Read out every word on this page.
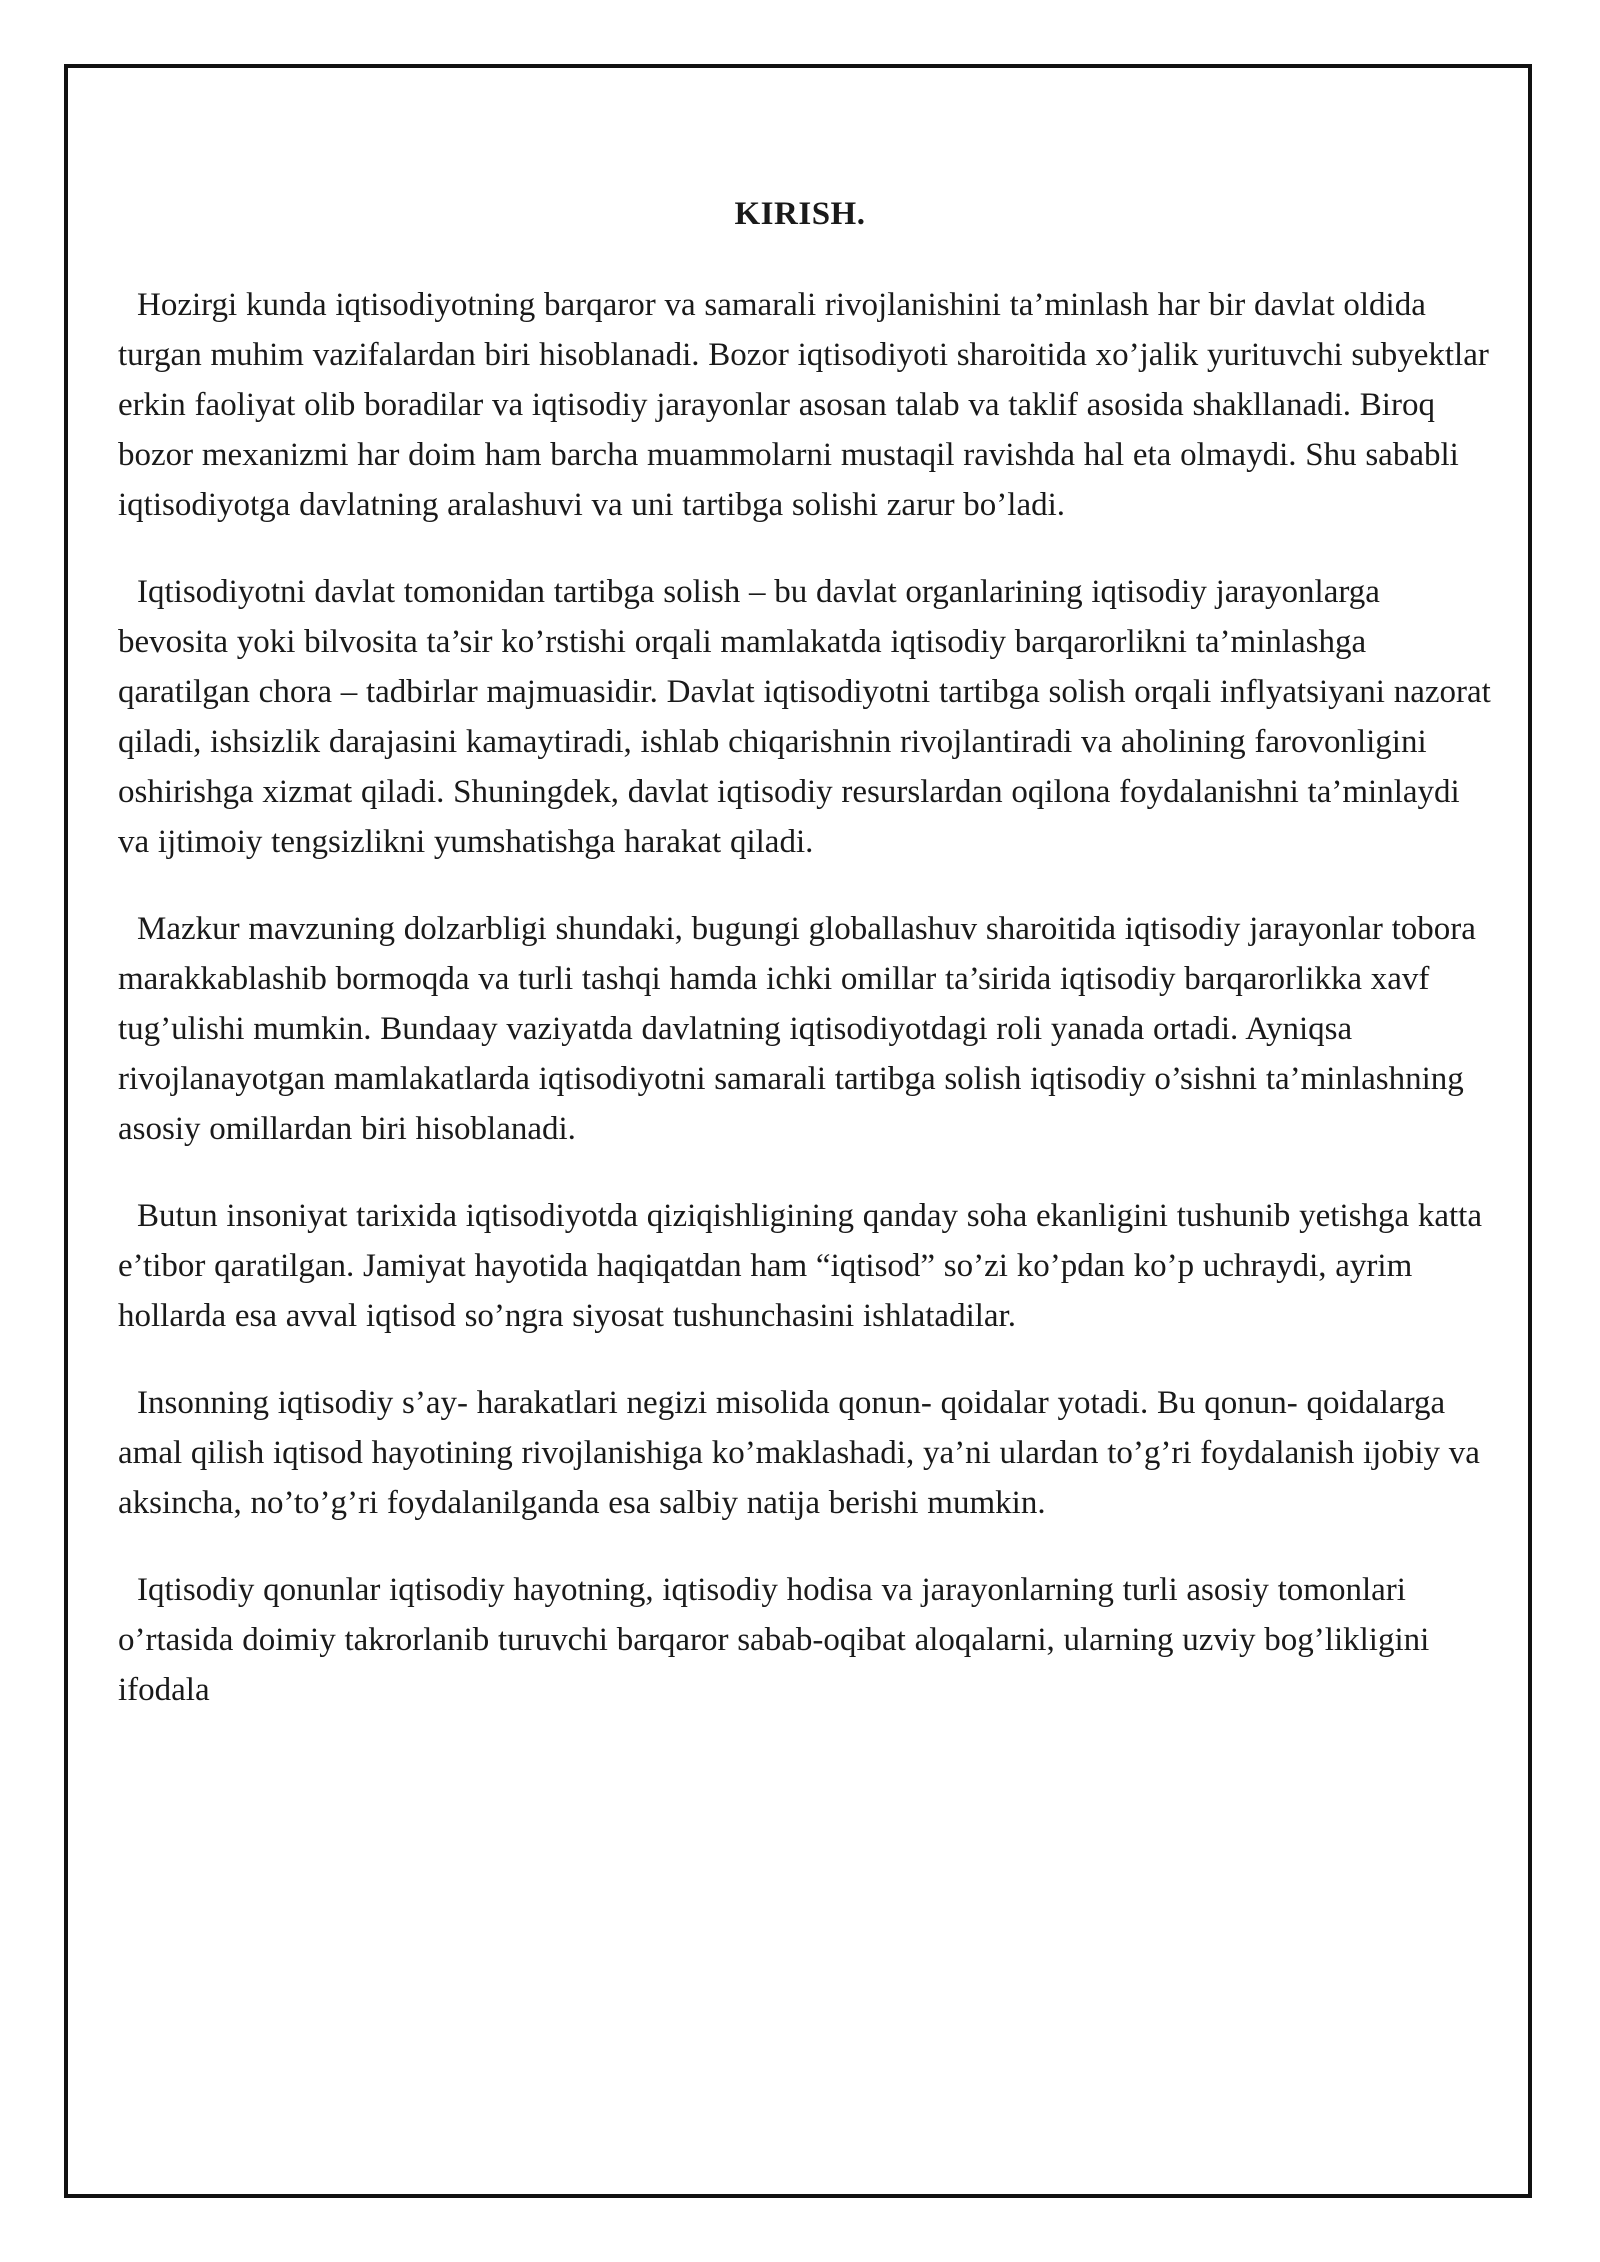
KIRISH.

Hozirgi kunda iqtisodiyotning barqaror va samarali rivojlanishini ta’minlash har bir davlat oldida turgan muhim vazifalardan biri hisoblanadi. Bozor iqtisodiyoti sharoitida xo’jalik yurituvchi subyektlar erkin faoliyat olib boradilar va iqtisodiy jarayonlar asosan talab va taklif asosida shakllanadi. Biroq bozor mexanizmi har doim ham barcha muammolarni mustaqil ravishda hal eta olmaydi. Shu sababli iqtisodiyotga davlatning aralashuvi va uni tartibga solishi zarur bo’ladi.

Iqtisodiyotni davlat tomonidan tartibga solish – bu davlat organlarining iqtisodiy jarayonlarga bevosita yoki bilvosita ta’sir ko’rstishi orqali mamlakatda iqtisodiy barqarorlikni ta’minlashga qaratilgan chora – tadbirlar majmuasidir. Davlat iqtisodiyotni tartibga solish orqali inflyatsiyani nazorat qiladi, ishsizlik darajasini kamaytiradi, ishlab chiqarishnin rivojlantiradi va aholining farovonligini oshirishga xizmat qiladi. Shuningdek, davlat iqtisodiy resurslardan oqilona foydalanishni ta’minlaydi va ijtimoiy tengsizlikni yumshatishga harakat qiladi.

Mazkur mavzuning dolzarbligi shundaki, bugungi globallashuv sharoitida iqtisodiy jarayonlar tobora marakkablashib bormoqda va turli tashqi hamda ichki omillar ta’sirida iqtisodiy barqarorlikka xavf tug’ulishi mumkin. Bundaay vaziyatda davlatning iqtisodiyotdagi roli yanada ortadi. Ayniqsa rivojlanayotgan mamlakatlarda iqtisodiyotni samarali tartibga solish iqtisodiy o’sishni ta’minlashning asosiy omillardan biri hisoblanadi.

Butun insoniyat tarixida iqtisodiyotda qiziqishligining qanday soha ekanligini tushunib yetishga katta e’tibor qaratilgan. Jamiyat hayotida haqiqatdan ham “iqtisod” so’zi ko’pdan ko’p uchraydi, ayrim hollarda esa avval iqtisod so’ngra siyosat tushunchasini ishlatadilar.

Insonning iqtisodiy s’ay- harakatlari negizi misolida qonun- qoidalar yotadi. Bu qonun- qoidalarga amal qilish iqtisod hayotining rivojlanishiga ko’maklashadi, ya’ni ulardan to’g’ri foydalanish ijobiy va aksincha, no’to’g’ri foydalanilganda esa salbiy natija berishi mumkin.

Iqtisodiy qonunlar iqtisodiy hayotning, iqtisodiy hodisa va jarayonlarning turli asosiy tomonlari o’rtasida doimiy takrorlanib turuvchi barqaror sabab-oqibat aloqalarni, ularning uzviy bog’likligini ifodala
